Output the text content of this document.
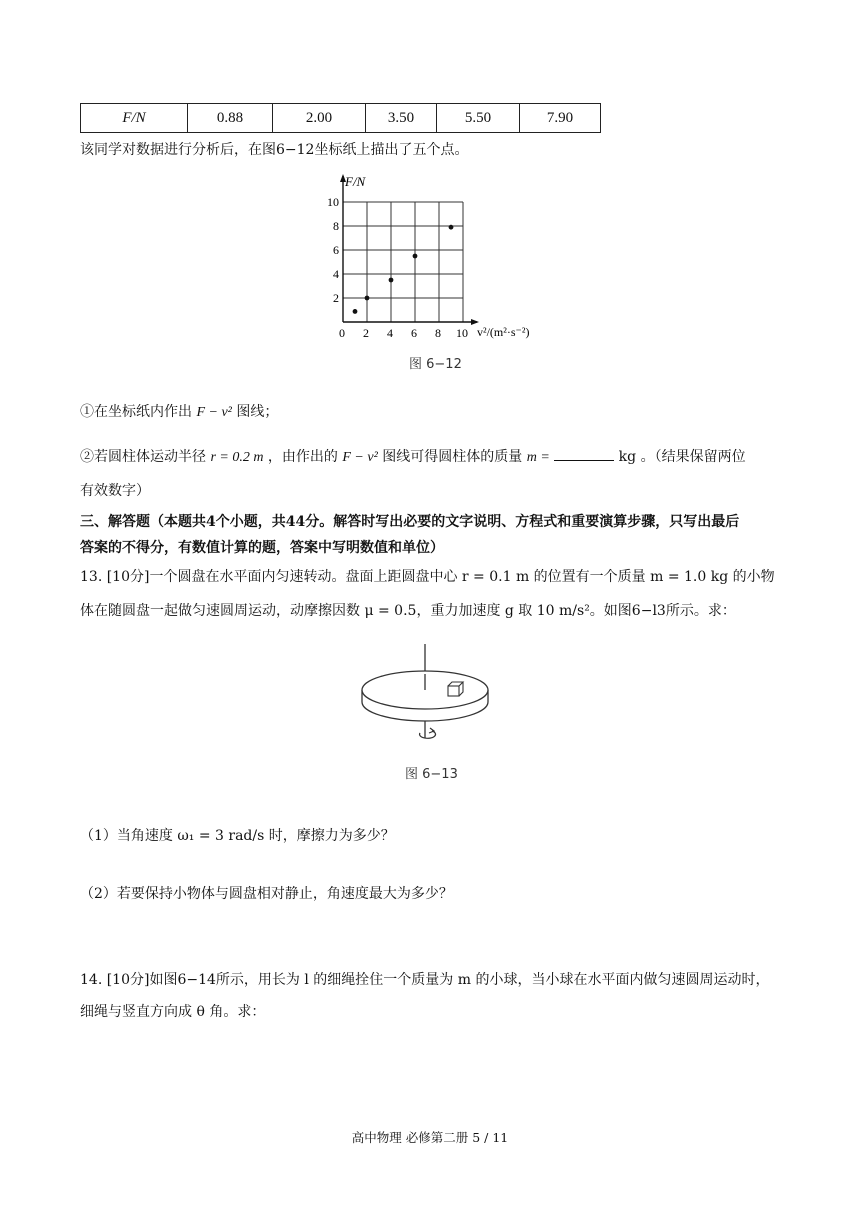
F/N	0.88	2.00	3.50	5.50	7.90
该同学对数据进行分析后，在图6−12坐标纸上描出了五个点。
0 2 4 6 8 10
2
4
6
8
10
F/N
v²/(m²·s⁻²)
图 6−12
①在坐标纸内作出 F − v² 图线；
②若圆柱体运动半径 r = 0.2 m ，由作出的 F − v² 图线可得圆柱体的质量 m =	kg 。（结果保留两位
有效数字）
三、解答题（本题共4个小题，共44分。解答时写出必要的文字说明、方程式和重要演算步骤，只写出最后
答案的不得分，有数值计算的题，答案中写明数值和单位）
13. [10分]一个圆盘在水平面内匀速转动。盘面上距圆盘中心 r = 0.1 m 的位置有一个质量 m = 1.0 kg 的小物
体在随圆盘一起做匀速圆周运动，动摩擦因数 μ = 0.5，重力加速度 g 取 10 m/s²。如图6−l3所示。求：
图 6−13
（1）当角速度 ω₁ = 3 rad/s 时，摩擦力为多少？
（2）若要保持小物体与圆盘相对静止，角速度最大为多少？
14. [10分]如图6−14所示，用长为 l 的细绳拴住一个质量为 m 的小球，当小球在水平面内做匀速圆周运动时，
细绳与竖直方向成 θ 角。求：
高中物理 必修第二册 5 / 11
